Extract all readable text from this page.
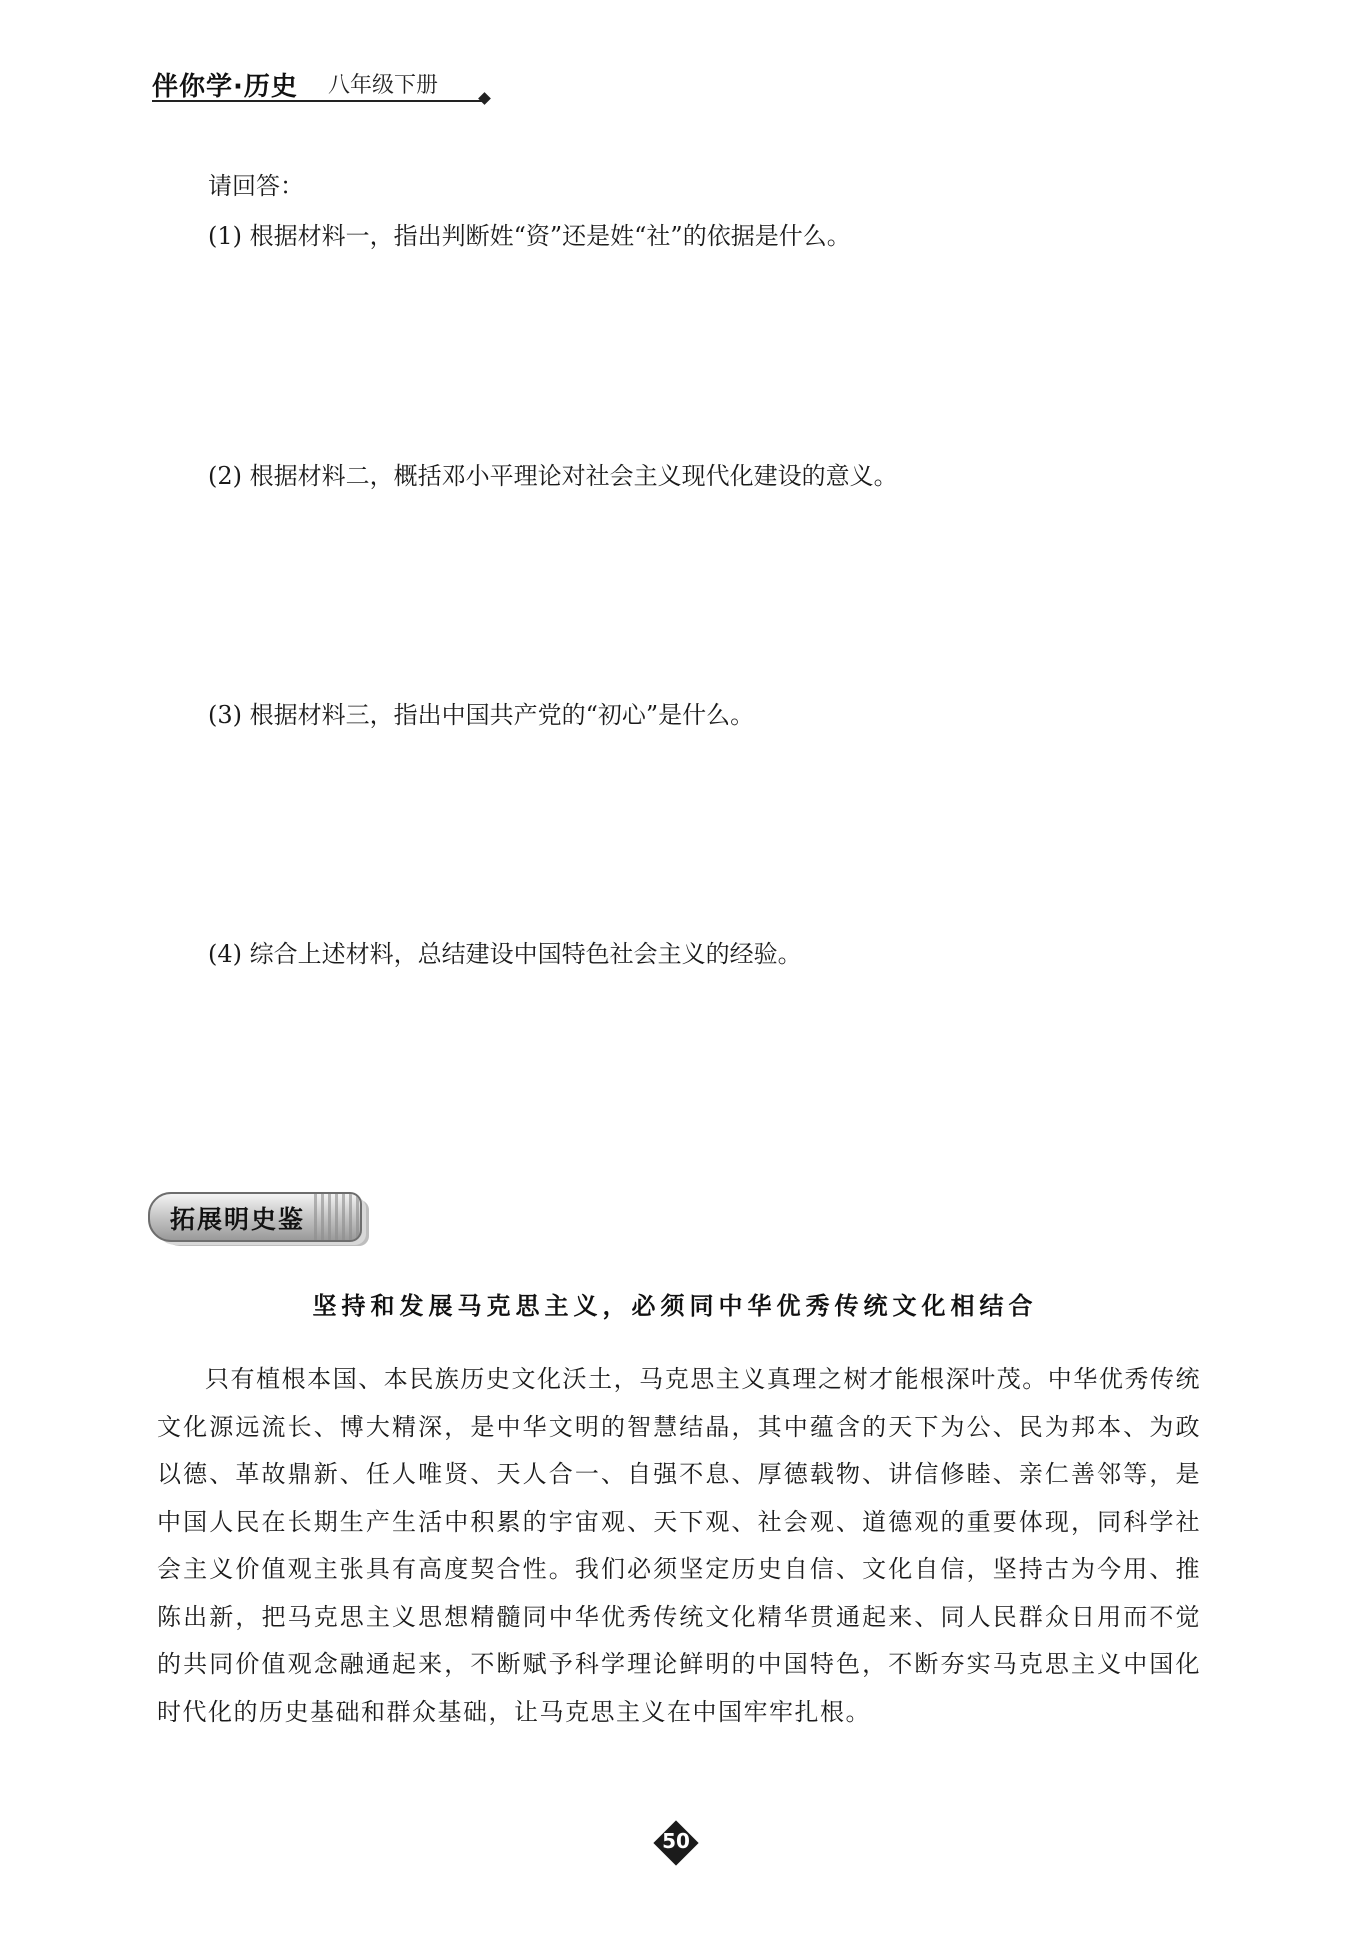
伴你学·历史 八年级下册
请回答：
(1) 根据材料一，指出判断姓“资”还是姓“社”的依据是什么。
(2) 根据材料二，概括邓小平理论对社会主义现代化建设的意义。
(3) 根据材料三，指出中国共产党的“初心”是什么。
(4) 综合上述材料，总结建设中国特色社会主义的经验。
拓展明史鉴
坚持和发展马克思主义，必须同中华优秀传统文化相结合

只有植根本国、本民族历史文化沃土，马克思主义真理之树才能根深叶茂。中华优秀传统文化源远流长、博大精深，是中华文明的智慧结晶，其中蕴含的天下为公、民为邦本、为政以德、革故鼎新、任人唯贤、天人合一、自强不息、厚德载物、讲信修睦、亲仁善邻等，是中国人民在长期生产生活中积累的宇宙观、天下观、社会观、道德观的重要体现，同科学社会主义价值观主张具有高度契合性。我们必须坚定历史自信、文化自信，坚持古为今用、推陈出新，把马克思主义思想精髓同中华优秀传统文化精华贯通起来、同人民群众日用而不觉的共同价值观念融通起来，不断赋予科学理论鲜明的中国特色，不断夯实马克思主义中国化时代化的历史基础和群众基础，让马克思主义在中国牢牢扎根。

50
